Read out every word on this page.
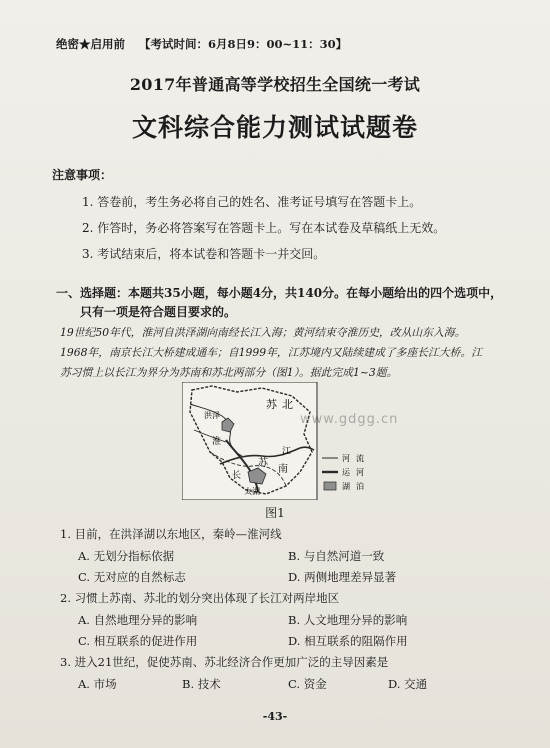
绝密★启用前 【考试时间：6月8日9：00~11：30】
2017年普通高等学校招生全国统一考试
文科综合能力测试试题卷
注意事项：
1. 答卷前，考生务必将自己的姓名、准考证号填写在答题卡上。
2. 作答时，务必将答案写在答题卡上。写在本试卷及草稿纸上无效。
3. 考试结束后，将本试卷和答题卡一并交回。
一、选择题：本题共35小题，每小题4分，共140分。在每小题给出的四个选项中，
只有一项是符合题目要求的。
19世纪50年代，淮河自洪泽湖向南经长江入海；黄河结束夺淮历史，改从山东入海。
1968年，南京长江大桥建成通车；自1999年，江苏境内又陆续建成了多座长江大桥。江
苏习惯上以长江为界分为苏南和苏北两部分（图1）。据此完成1~3题。
苏 北
洪泽
淮
苏
南
长
江
太湖
河 流
运 河
湖 泊
www.gdgg.cn
图1
1. 目前，在洪泽湖以东地区，秦岭—淮河线
A. 无划分指标依据	B. 与自然河道一致
C. 无对应的自然标志	D. 两侧地理差异显著
2. 习惯上苏南、苏北的划分突出体现了长江对两岸地区
A. 自然地理分异的影响	B. 人文地理分异的影响
C. 相互联系的促进作用	D. 相互联系的阻隔作用
3. 进入21世纪，促使苏南、苏北经济合作更加广泛的主导因素是
A. 市场	B. 技术	C. 资金	D. 交通
-43-
